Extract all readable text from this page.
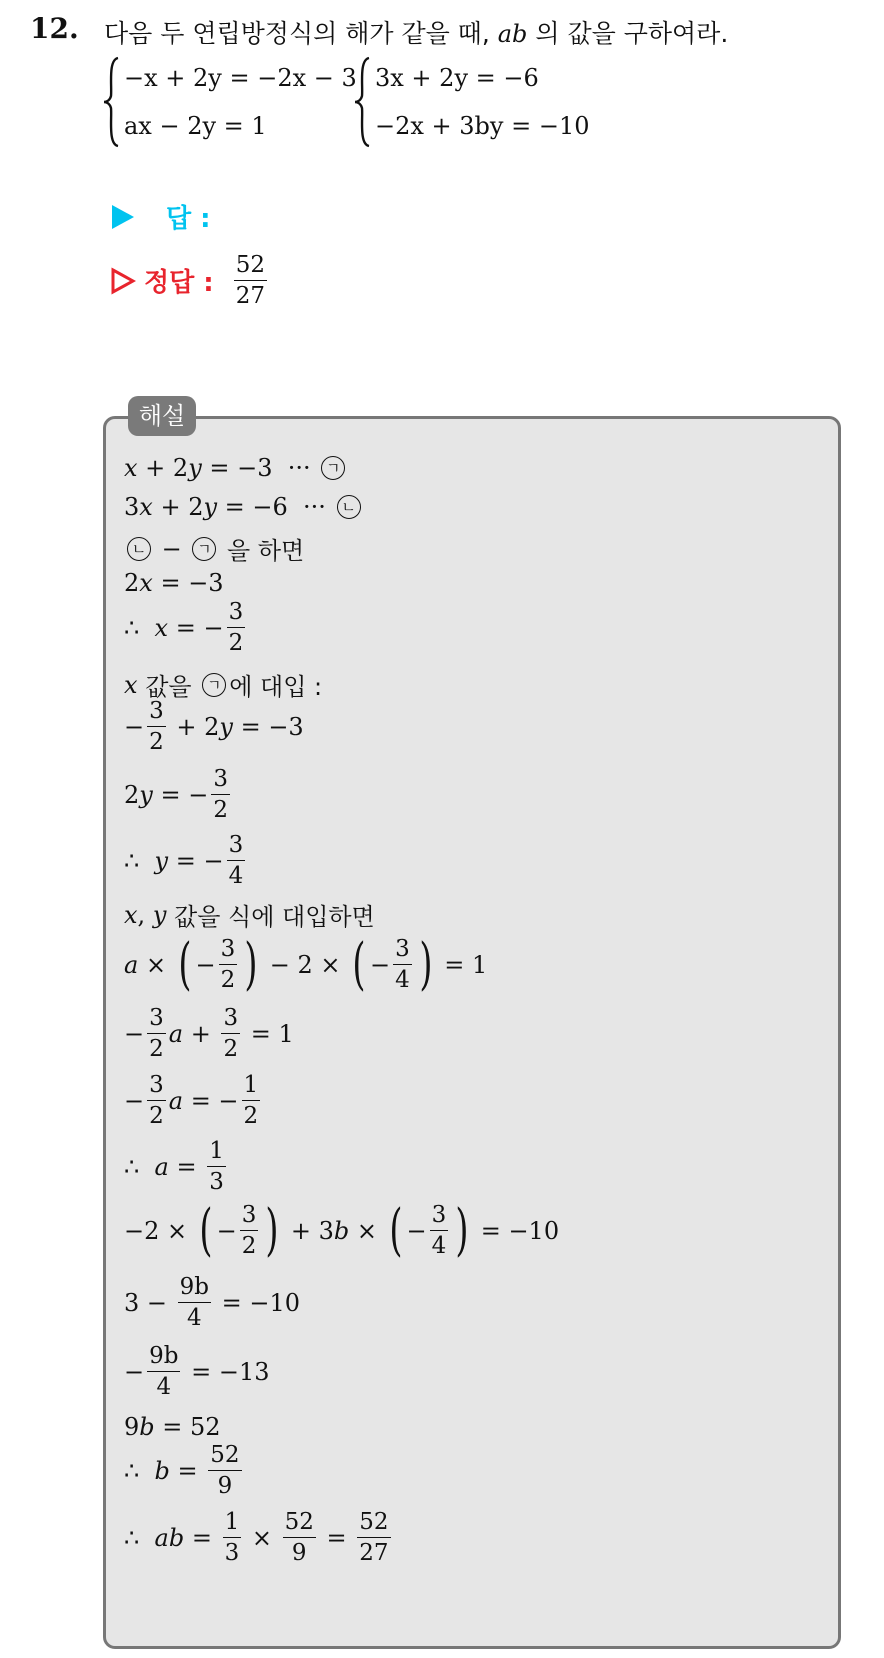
12. 다음 두 연립방정식의 해가 같을 때, ab 의 값을 구하여라.
−x + 2y = −2x − 3
ax − 2y = 1
3x + 2y = −6
−2x + 3by = −10
답 :
정답 : $\frac{52}{27}$
해설
x + 2 y = −3  ··· ㄱ
3 x + 2 y = −6  ··· ㄴ
ㄴ − ㄱ
을 하면
2 x = −3
∴ x = − $\frac{3}{2}$
x
값을
	ㄱ 에 대입 :
− $\frac{3}{2} + 2$ y = −3
2 y = − $\frac{3}{2}$
∴ y = − $\frac{3}{4}$
x , y
값을 식에 대입하면
a × ( − $\frac{3}{2}$ ) − 2 × ( − $\frac{3}{4}$ ) = 1
− $\frac{3}{2}$ $a + \frac{3}{2} = 1$
− $\frac{3}{2}$ a = − $\frac{1}{2}$
∴ $a = \frac{1}{3}$
−2 × ( − $\frac{3}{2}$ ) + 3 b × ( − $\frac{3}{4}$ ) = −10
$3 - \frac{9b}{4} = -10$
− $\frac{9b}{4} = -13$
9 b = 52
∴ $b = \frac{52}{9}$
∴ ab = $\frac{1}{3} \times \frac{52}{9} = \frac{52}{27}$
